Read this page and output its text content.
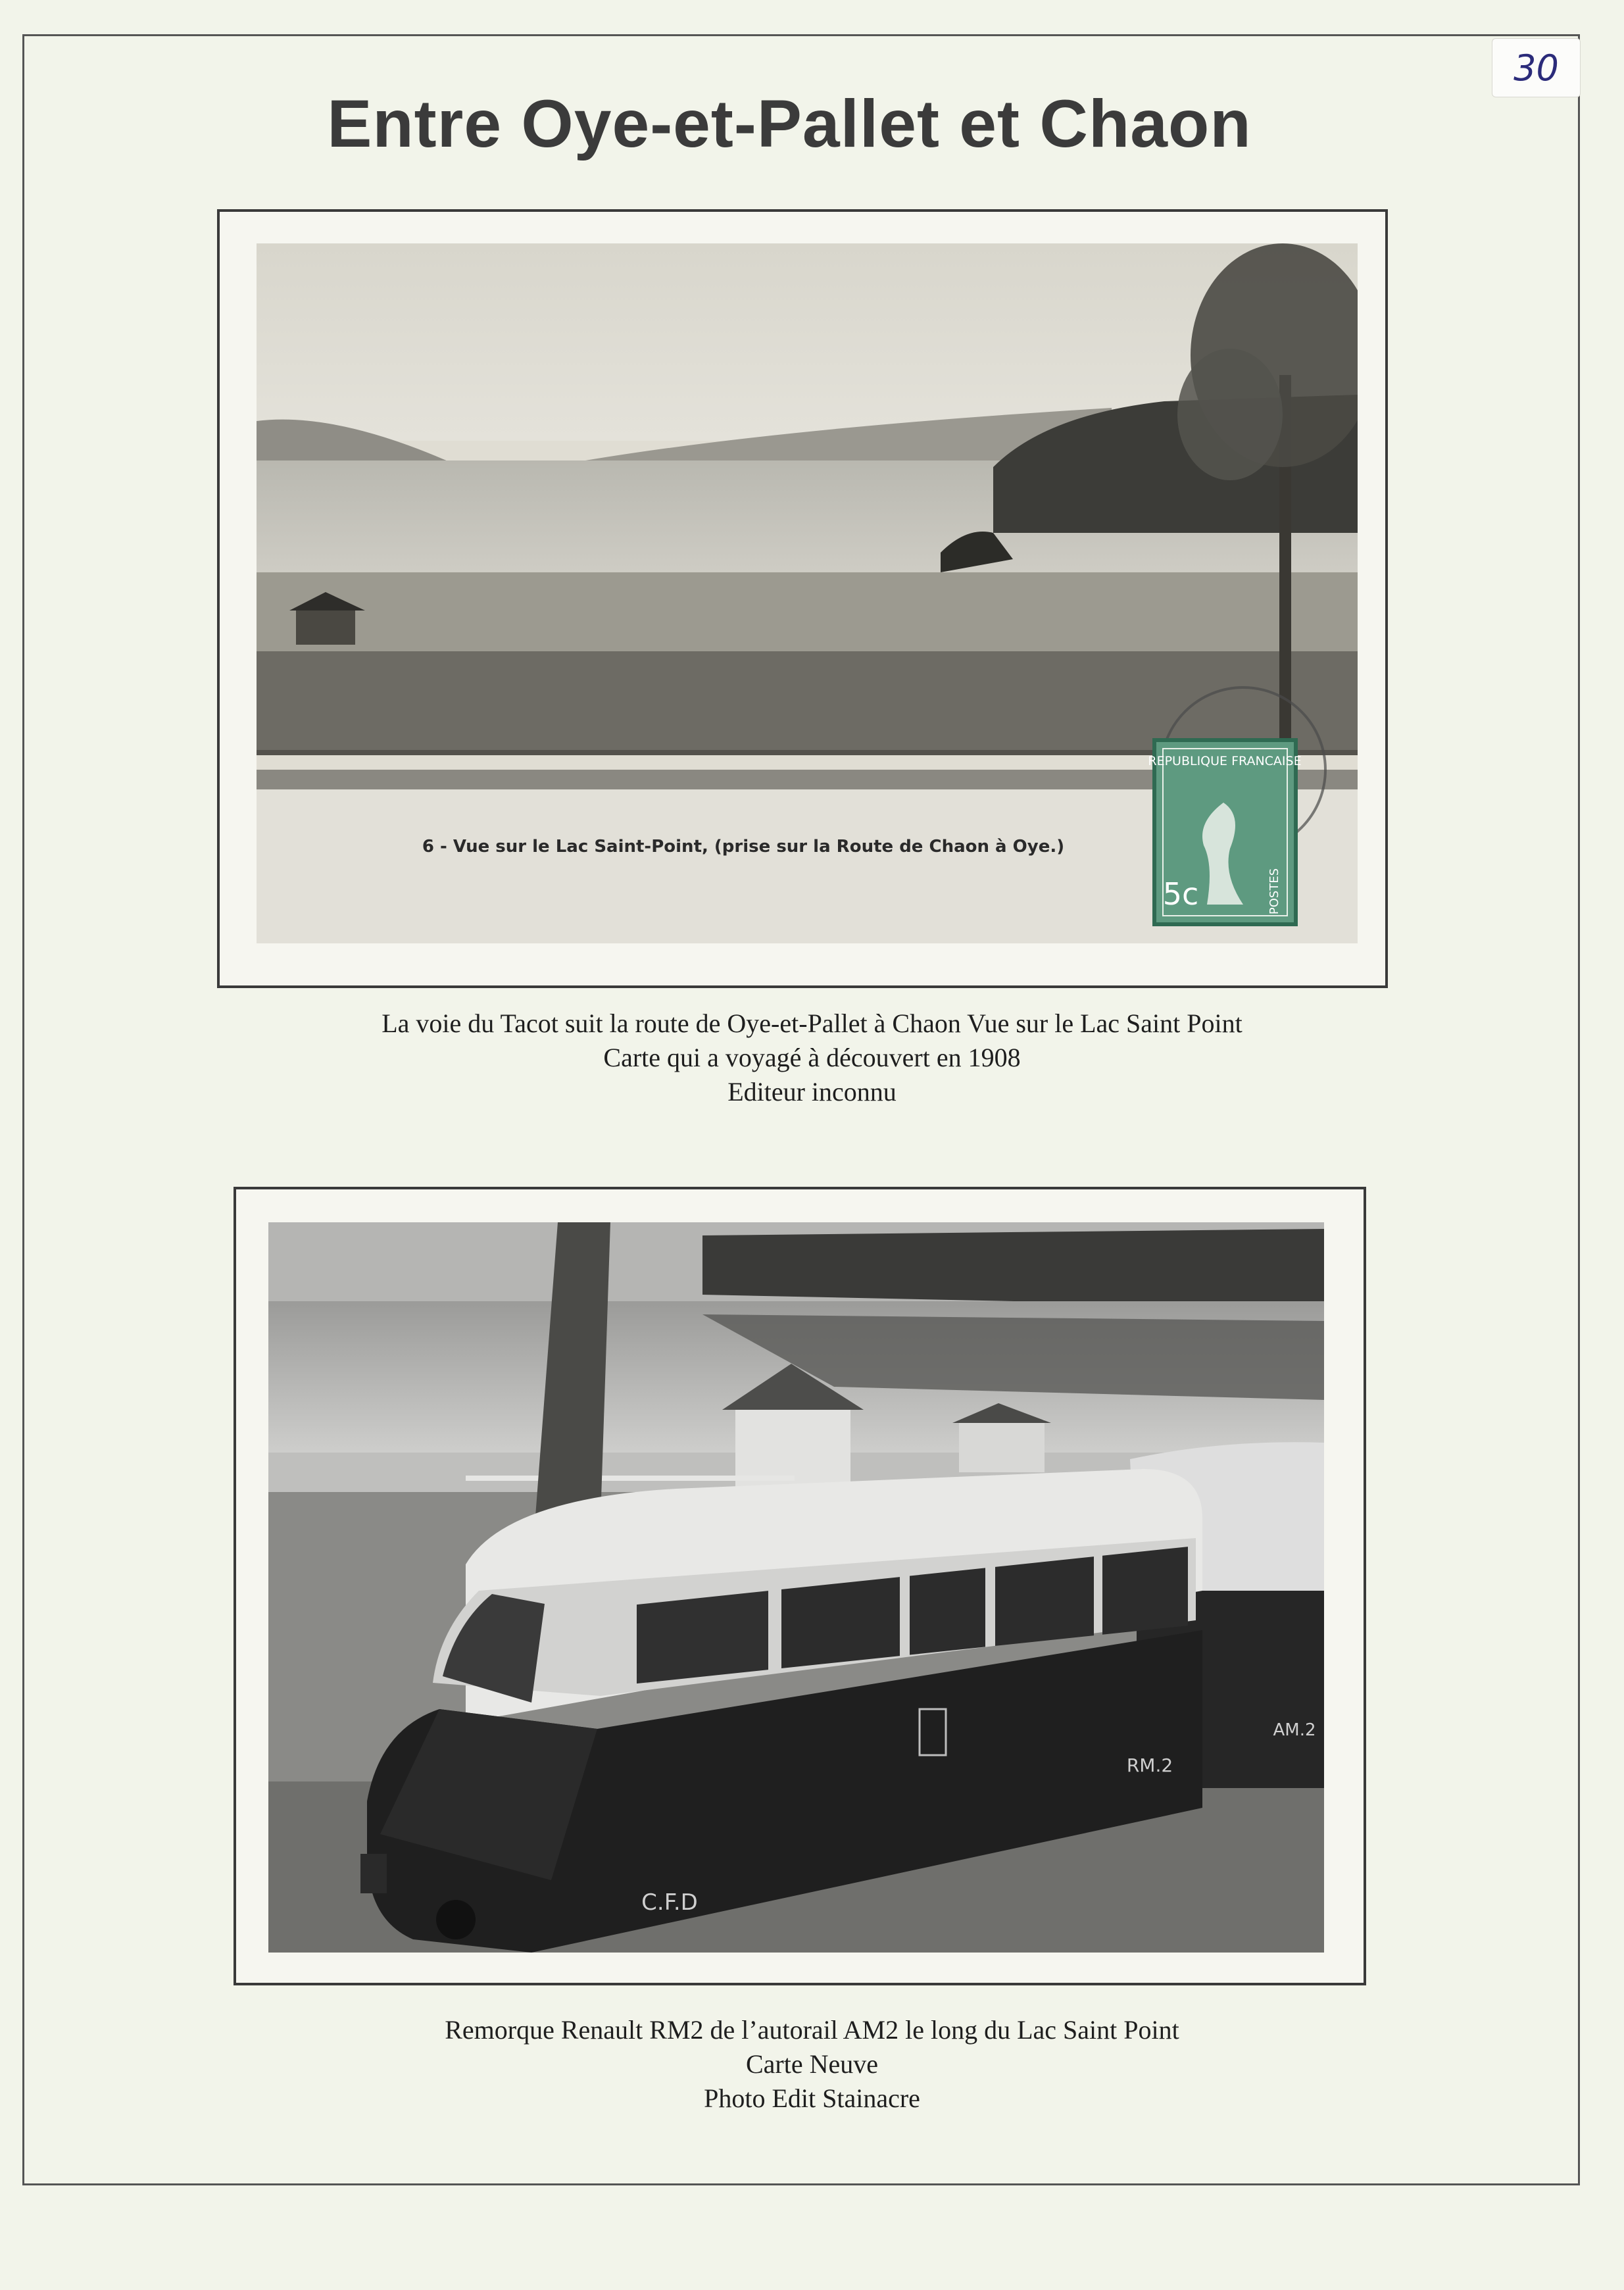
30
Entre Oye-et-Pallet et Chaon
REPUBLIQUE FRANCAISE
5c	POSTES
6 - Vue sur le Lac Saint-Point, (prise sur la Route de Chaon à Oye.)
La voie du Tacot suit la route de Oye-et-Pallet à Chaon Vue sur le Lac Saint Point
Carte qui a voyagé à découvert en 1908
Editeur inconnu
AM.2
RM.2
C.F.D
Remorque Renault RM2 de l’autorail AM2 le long du Lac Saint Point
Carte Neuve
Photo Edit Stainacre
